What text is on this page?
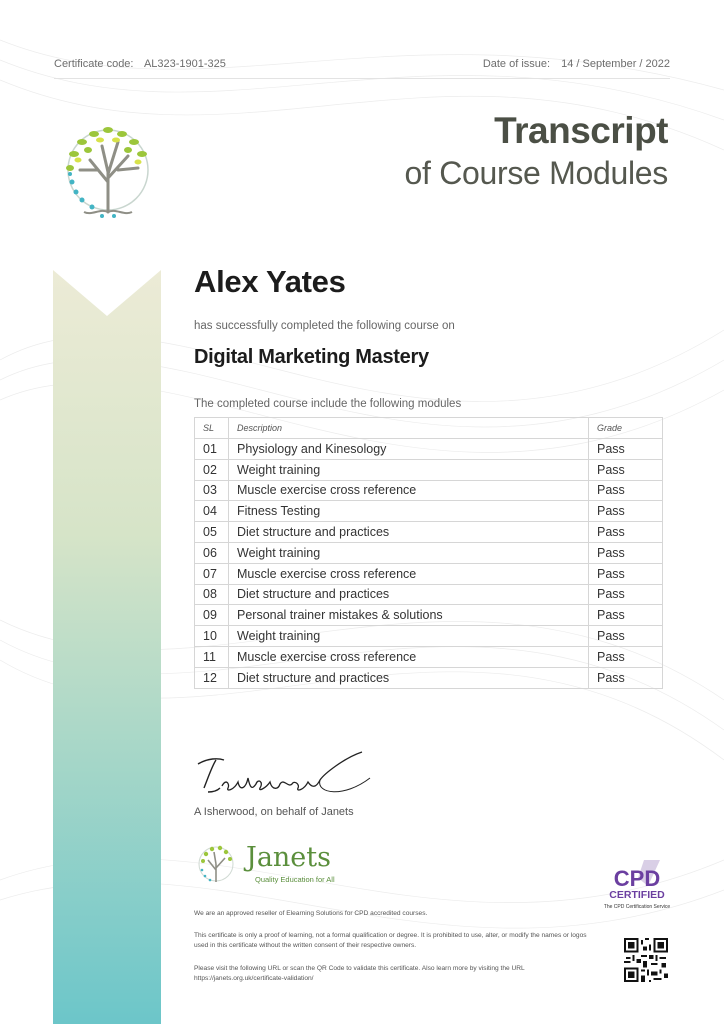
Certificate code: AL323-1901-325	Date of issue: 14 / September / 2022
Transcript
of Course Modules
Alex Yates
has successfully completed the following course on
Digital Marketing Mastery
The completed course include the following modules
SL	Description	Grade
01	Physiology and Kinesology	Pass
02	Weight training	Pass
03	Muscle exercise cross reference	Pass
04	Fitness Testing	Pass
05	Diet structure and practices	Pass
06	Weight training	Pass
07	Muscle exercise cross reference	Pass
08	Diet structure and practices	Pass
09	Personal trainer mistakes & solutions	Pass
10	Weight training	Pass
11	Muscle exercise cross reference	Pass
12	Diet structure and practices	Pass
A Isherwood, on behalf of Janets
Janets
Quality Education for All
We are an approved reseller of Elearning Solutions for CPD accredited courses.
This certificate is only a proof of learning, not a formal qualification or degree. It is prohibited to use, alter, or modify the names or logos used in this certificate without the written consent of their respective owners.
Please visit the following URL or scan the QR Code to validate this certificate. Also learn more by visiting the URL https://janets.org.uk/certificate-validation/
CPD
CERTIFIED
The CPD Certification Service
